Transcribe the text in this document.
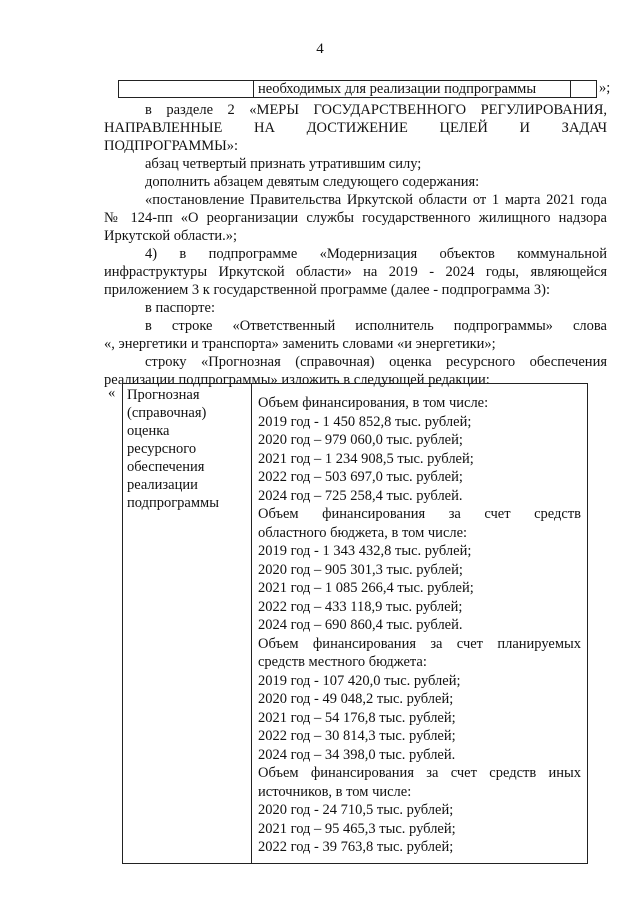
4
необходимых для реализации подпрограммы	»;

в разделе 2 «МЕРЫ ГОСУДАРСТВЕННОГО РЕГУЛИРОВАНИЯ,

НАПРАВЛЕННЫЕ НА ДОСТИЖЕНИЕ ЦЕЛЕЙ И ЗАДАЧ

ПОДПРОГРАММЫ»:

абзац четвертый признать утратившим силу;

дополнить абзацем девятым следующего содержания:

«постановление Правительства Иркутской области от 1 марта 2021 года

№ 124-пп «О реорганизации службы государственного жилищного надзора

Иркутской области.»;

4) в подпрограмме «Модернизация объектов коммунальной

инфраструктуры Иркутской области» на 2019 - 2024 годы, являющейся

приложением 3 к государственной программе (далее - подпрограмма 3):

в паспорте:

в строке «Ответственный исполнитель подпрограммы» слова

«, энергетики и транспорта» заменить словами «и энергетики»;

строку «Прогнозная (справочная) оценка ресурсного обеспечения

реализации подпрограммы» изложить в следующей редакции:

« Прогнозная
(справочная)
оценка
ресурсного
обеспечения
реализации
подпрограммы
Объем финансирования, в том числе:
2019 год - 1 450 852,8 тыс. рублей;
2020 год – 979 060,0 тыс. рублей;
2021 год – 1 234 908,5 тыс. рублей;
2022 год – 503 697,0 тыс. рублей;
2024 год – 725 258,4 тыс. рублей.
Объем финансирования за счет средств
областного бюджета, в том числе:
2019 год - 1 343 432,8 тыс. рублей;
2020 год – 905 301,3 тыс. рублей;
2021 год – 1 085 266,4 тыс. рублей;
2022 год – 433 118,9 тыс. рублей;
2024 год – 690 860,4 тыс. рублей.
Объем финансирования за счет планируемых
средств местного бюджета:
2019 год - 107 420,0 тыс. рублей;
2020 год - 49 048,2 тыс. рублей;
2021 год – 54 176,8 тыс. рублей;
2022 год – 30 814,3 тыс. рублей;
2024 год – 34 398,0 тыс. рублей.
Объем финансирования за счет средств иных
источников, в том числе:
2020 год - 24 710,5 тыс. рублей;
2021 год – 95 465,3 тыс. рублей;
2022 год - 39 763,8 тыс. рублей;
